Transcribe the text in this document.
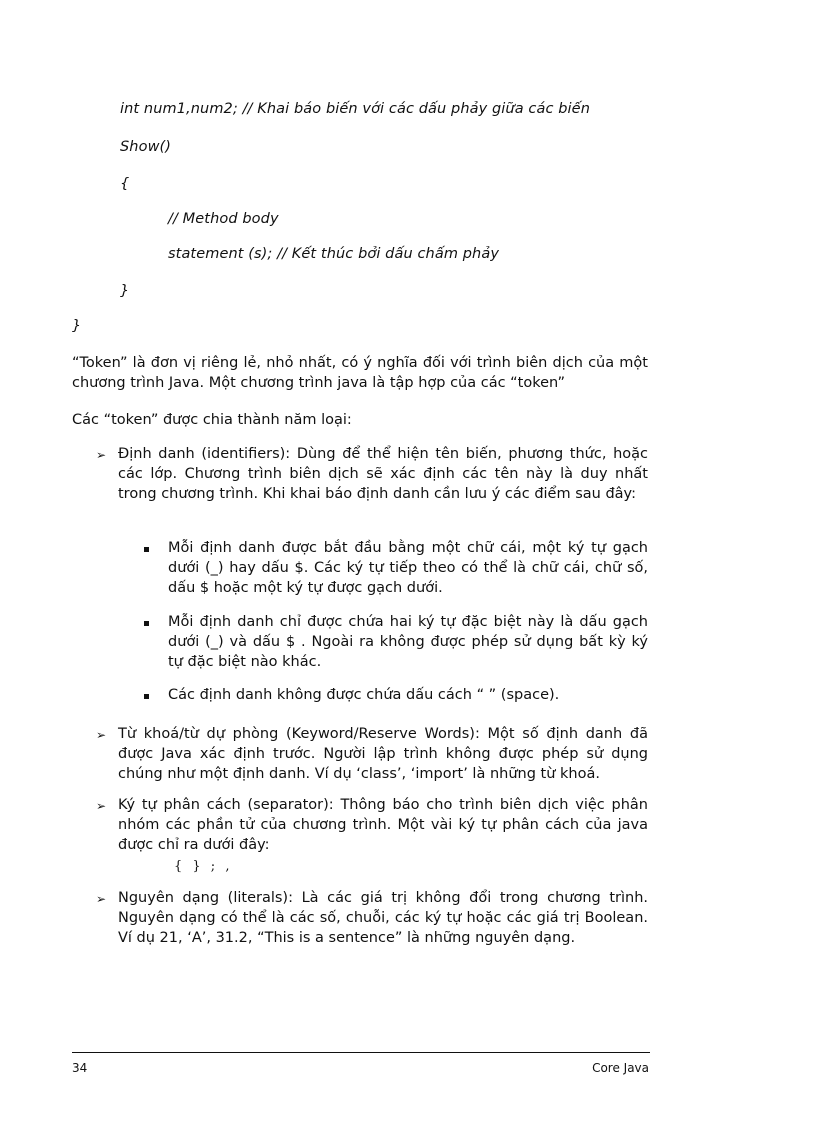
int num1,num2; // Khai báo biến với các dấu phảy giữa các biến
Show()
{
// Method body
statement (s); // Kết thúc bởi dấu chấm phảy
}
}
“Token” là đơn vị riêng lẻ, nhỏ nhất, có ý nghĩa đối với trình biên dịch của một chương trình Java. Một chương trình java là tập hợp của các “token”
Các “token” được chia thành năm loại:
➢ Định danh (identifiers): Dùng để thể hiện tên biến, phương thức, hoặc các lớp. Chương trình biên dịch sẽ xác định các tên này là duy nhất trong chương trình. Khi khai báo định danh cần lưu ý các điểm sau đây:
Mỗi định danh được bắt đầu bằng một chữ cái, một ký tự gạch dưới (_) hay dấu $. Các ký tự tiếp theo có thể là chữ cái, chữ số, dấu $ hoặc một ký tự được gạch dưới.
Mỗi định danh chỉ được chứa hai ký tự đặc biệt này là dấu gạch dưới (_) và dấu $ . Ngoài ra không được phép sử dụng bất kỳ ký tự đặc biệt nào khác.
Các định danh không được chứa dấu cách “ ” (space).
➢ Từ khoá/từ dự phòng (Keyword/Reserve Words): Một số định danh đã được Java xác định trước. Người lập trình không được phép sử dụng chúng như một định danh. Ví dụ ‘class’, ‘import’ là những từ khoá.
➢ Ký tự phân cách (separator): Thông báo cho trình biên dịch việc phân nhóm các phần tử của chương trình. Một vài ký tự phân cách của java được chỉ ra dưới đây:
{ } ; ,
➢ Nguyên dạng (literals): Là các giá trị không đổi trong chương trình. Nguyên dạng có thể là các số, chuỗi, các ký tự hoặc các giá trị Boolean. Ví dụ 21, ‘A’, 31.2, “This is a sentence” là những nguyên dạng.
34	Core Java
